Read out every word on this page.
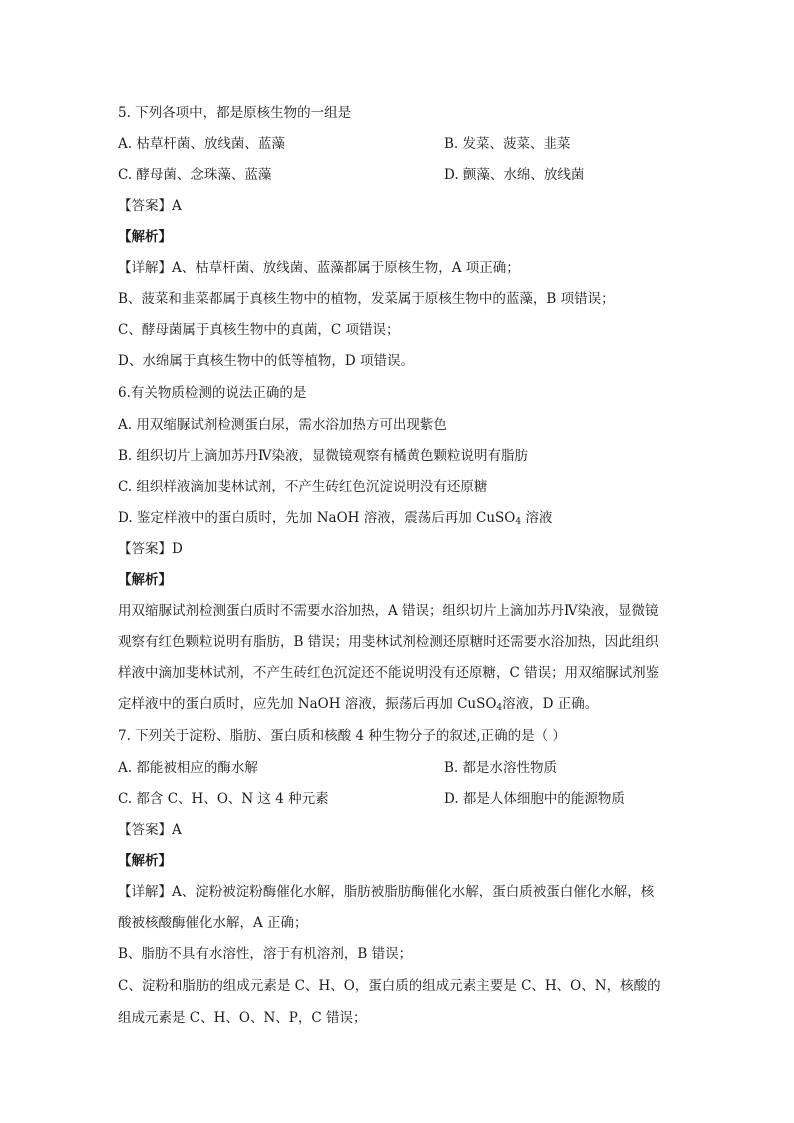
5. 下列各项中，都是原核生物的一组是
A. 枯草杆菌、放线菌、蓝藻	B. 发菜、菠菜、韭菜
C. 酵母菌、念珠藻、蓝藻	D. 颤藻、水绵、放线菌
【答案】A
【解析】
【详解】A、枯草杆菌、放线菌、蓝藻都属于原核生物，A 项正确；
B、菠菜和韭菜都属于真核生物中的植物，发菜属于原核生物中的蓝藻，B 项错误；
C、酵母菌属于真核生物中的真菌，C 项错误；
D、水绵属于真核生物中的低等植物，D 项错误。
6.有关物质检测的说法正确的是
A. 用双缩脲试剂检测蛋白尿，需水浴加热方可出现紫色
B. 组织切片上滴加苏丹Ⅳ染液，显微镜观察有橘黄色颗粒说明有脂肪
C. 组织样液滴加斐林试剂，不产生砖红色沉淀说明没有还原糖
D. 鉴定样液中的蛋白质时，先加 NaOH 溶液，震荡后再加 CuSO$_4$ 溶液
【答案】D
【解析】
用双缩脲试剂检测蛋白质时不需要水浴加热，A 错误；组织切片上滴加苏丹Ⅳ染液，显微镜
观察有红色颗粒说明有脂肪，B 错误；用斐林试剂检测还原糖时还需要水浴加热，因此组织
样液中滴加斐林试剂，不产生砖红色沉淀还不能说明没有还原糖，C 错误；用双缩脲试剂鉴
定样液中的蛋白质时，应先加 NaOH 溶液，振荡后再加 CuSO$_4$溶液，D 正确。
7. 下列关于淀粉、脂肪、蛋白质和核酸 4 种生物分子的叙述,正确的是（ ）
A. 都能被相应的酶水解	B. 都是水溶性物质
C. 都含 C、H、O、N 这 4 种元素	D. 都是人体细胞中的能源物质
【答案】A
【解析】
【详解】A、淀粉被淀粉酶催化水解，脂肪被脂肪酶催化水解，蛋白质被蛋白催化水解，核
酸被核酸酶催化水解，A 正确；
B、脂肪不具有水溶性，溶于有机溶剂，B 错误；
C、淀粉和脂肪的组成元素是 C、H、O，蛋白质的组成元素主要是 C、H、O、N，核酸的
组成元素是 C、H、O、N、P，C 错误；
